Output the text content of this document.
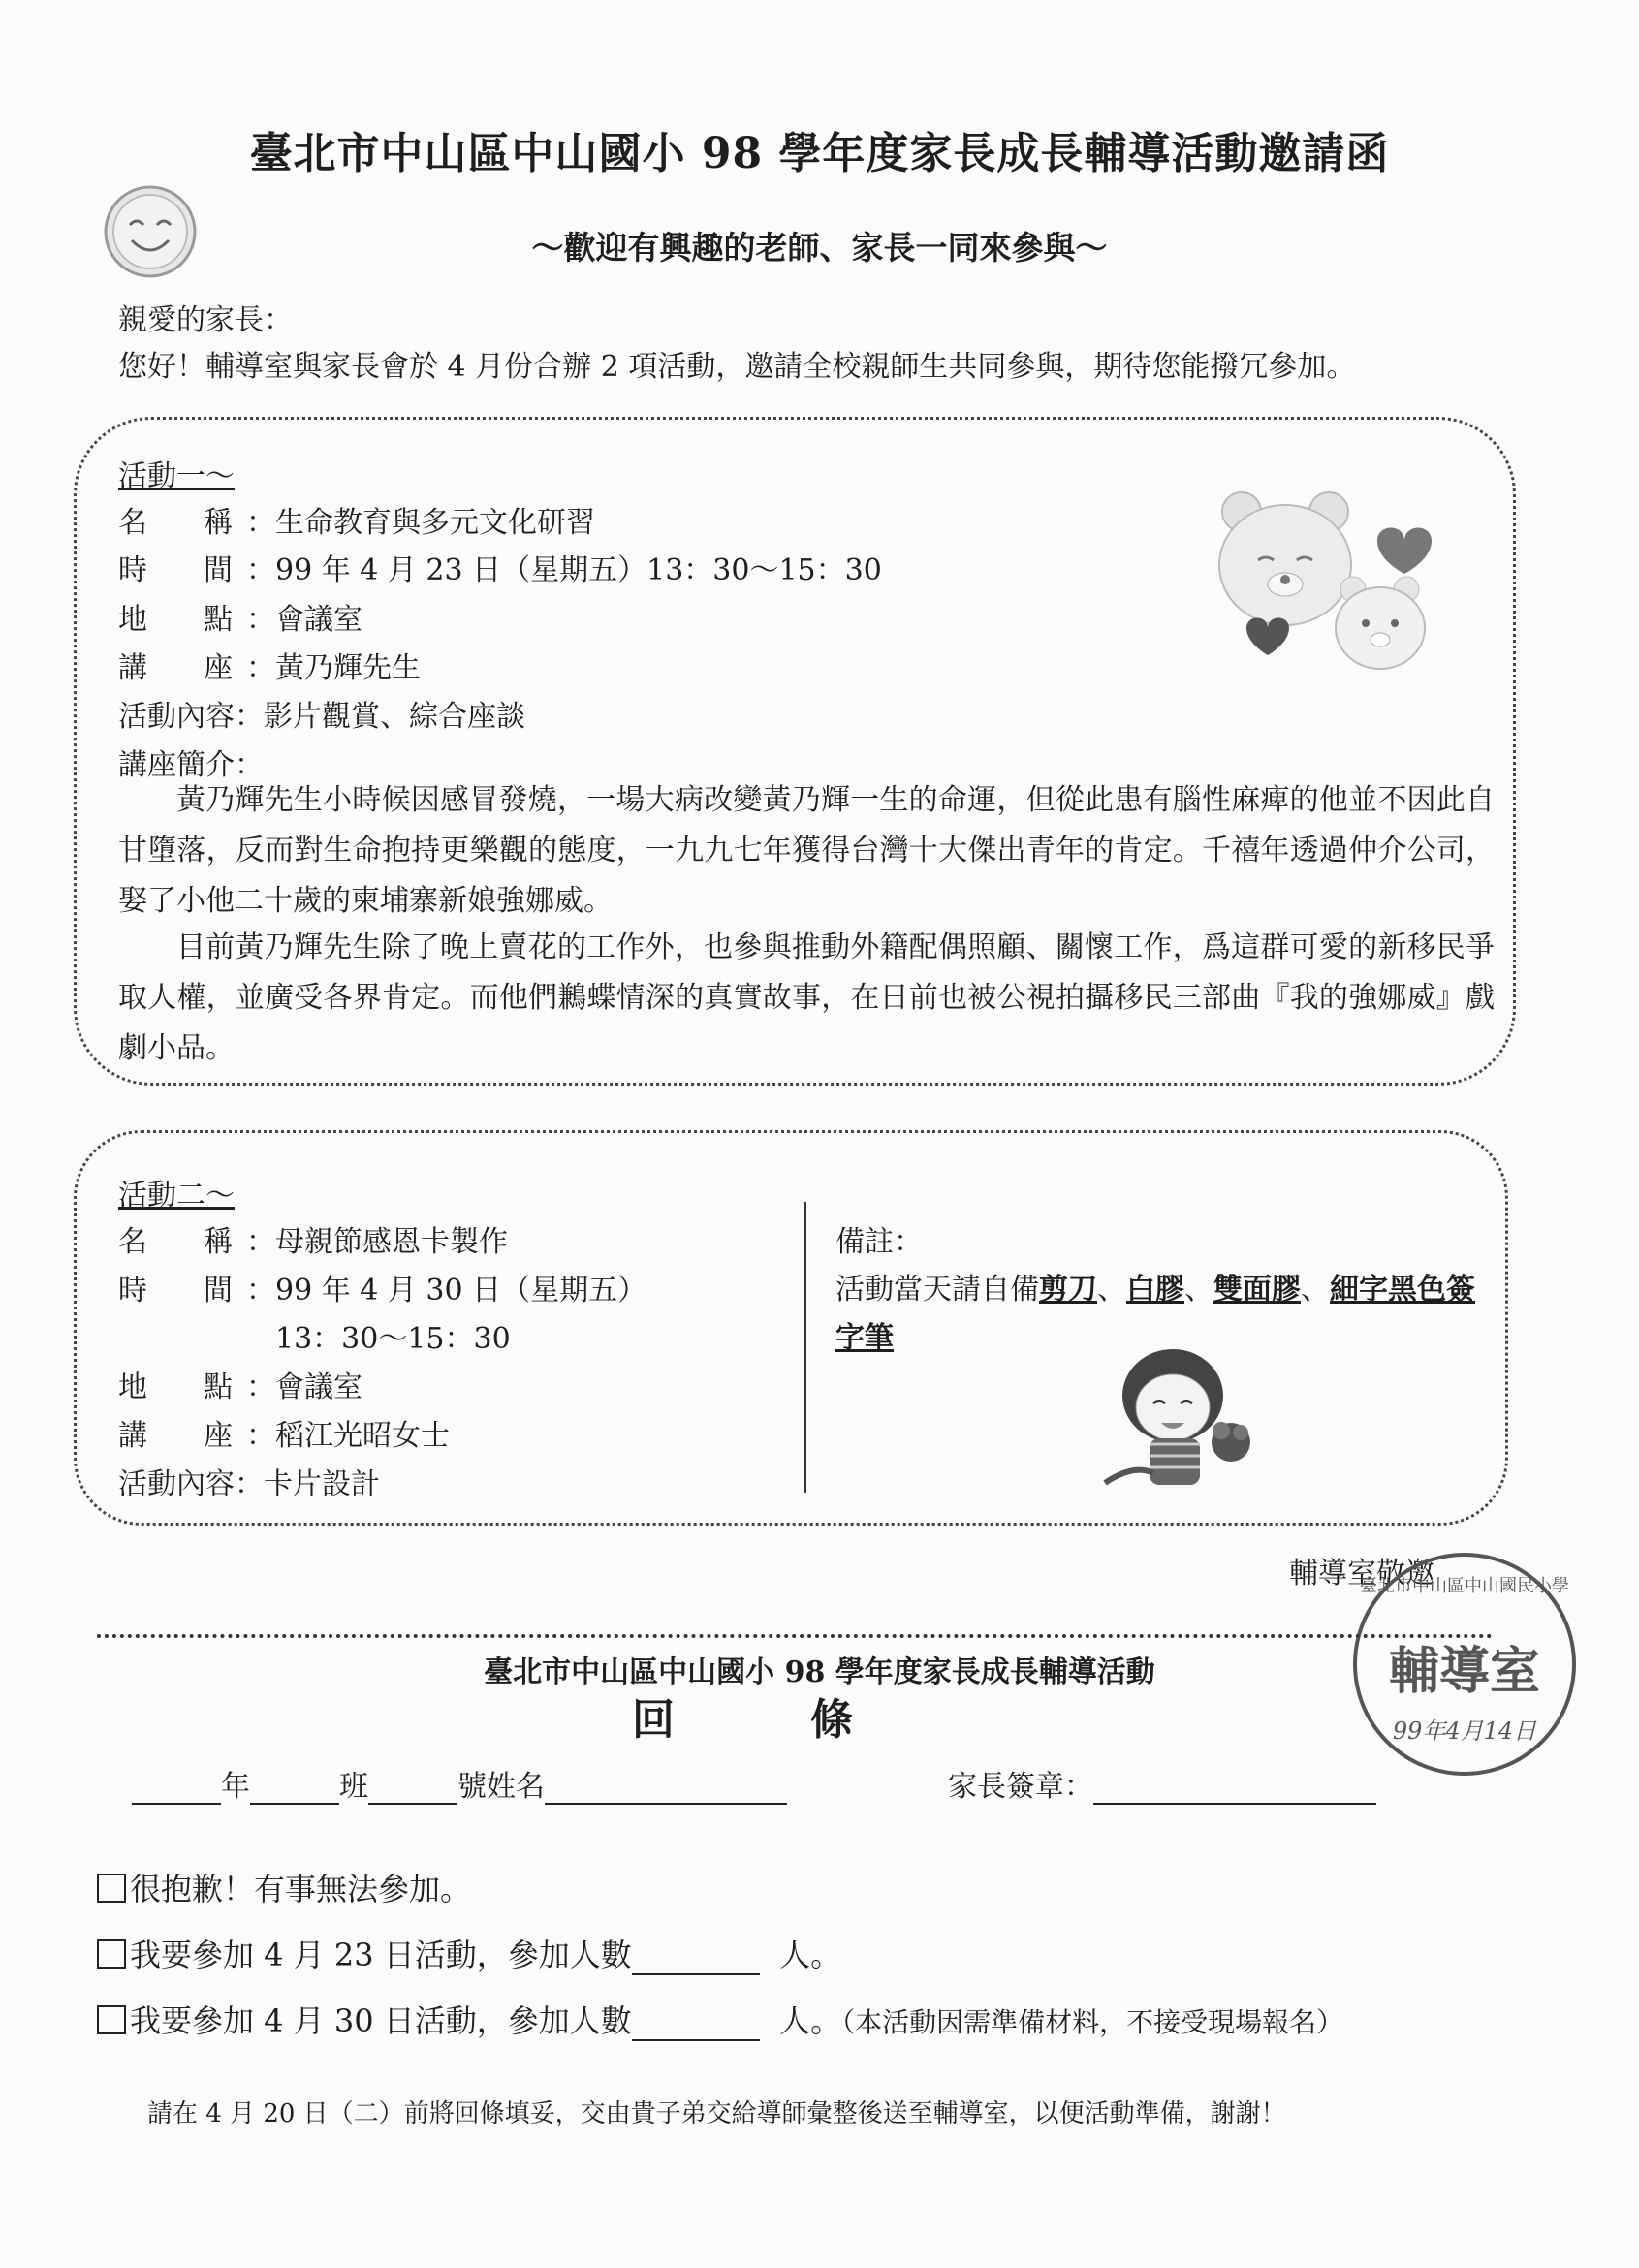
臺北市中山區中山國小 98 學年度家長成長輔導活動邀請函
～歡迎有興趣的老師、家長一同來參與～
親愛的家長：
您好！輔導室與家長會於 4 月份合辦 2 項活動，邀請全校親師生共同參與，期待您能撥冗參加。
活動一～
名　稱：生命教育與多元文化研習
時　間：99 年 4 月 23 日（星期五）13：30～15：30
地　點：會議室
講　座：黃乃輝先生
活動內容：影片觀賞、綜合座談
講座簡介：
黃乃輝先生小時候因感冒發燒，一場大病改變黃乃輝一生的命運，但從此患有腦性麻痺的他並不因此自甘墮落，反而對生命抱持更樂觀的態度，一九九七年獲得台灣十大傑出青年的肯定。千禧年透過仲介公司，娶了小他二十歲的柬埔寨新娘強娜威。
目前黃乃輝先生除了晚上賣花的工作外，也參與推動外籍配偶照顧、關懷工作，爲這群可愛的新移民爭取人權，並廣受各界肯定。而他們鶼蝶情深的真實故事，在日前也被公視拍攝移民三部曲『我的強娜威』戲劇小品。
活動二～
名　稱：母親節感恩卡製作
時　間：99 年 4 月 30 日（星期五）
13：30～15：30
地　點：會議室
講　座：稻江光昭女士
活動內容：卡片設計
備註：
活動當天請自備剪刀、白膠、雙面膠、細字黑色簽字筆
輔導室敬邀
臺北市中山區中山國民小學
輔導室
99年4月14日
臺北市中山區中山國小 98 學年度家長成長輔導活動
回　　　條
年	班	號姓名	家長簽章：
很抱歉！有事無法參加。
我要參加 4 月 23 日活動，參加人數	人。
我要參加 4 月 30 日活動，參加人數	人。（本活動因需準備材料，不接受現場報名）
請在 4 月 20 日（二）前將回條填妥，交由貴子弟交給導師彙整後送至輔導室，以便活動準備，謝謝！
